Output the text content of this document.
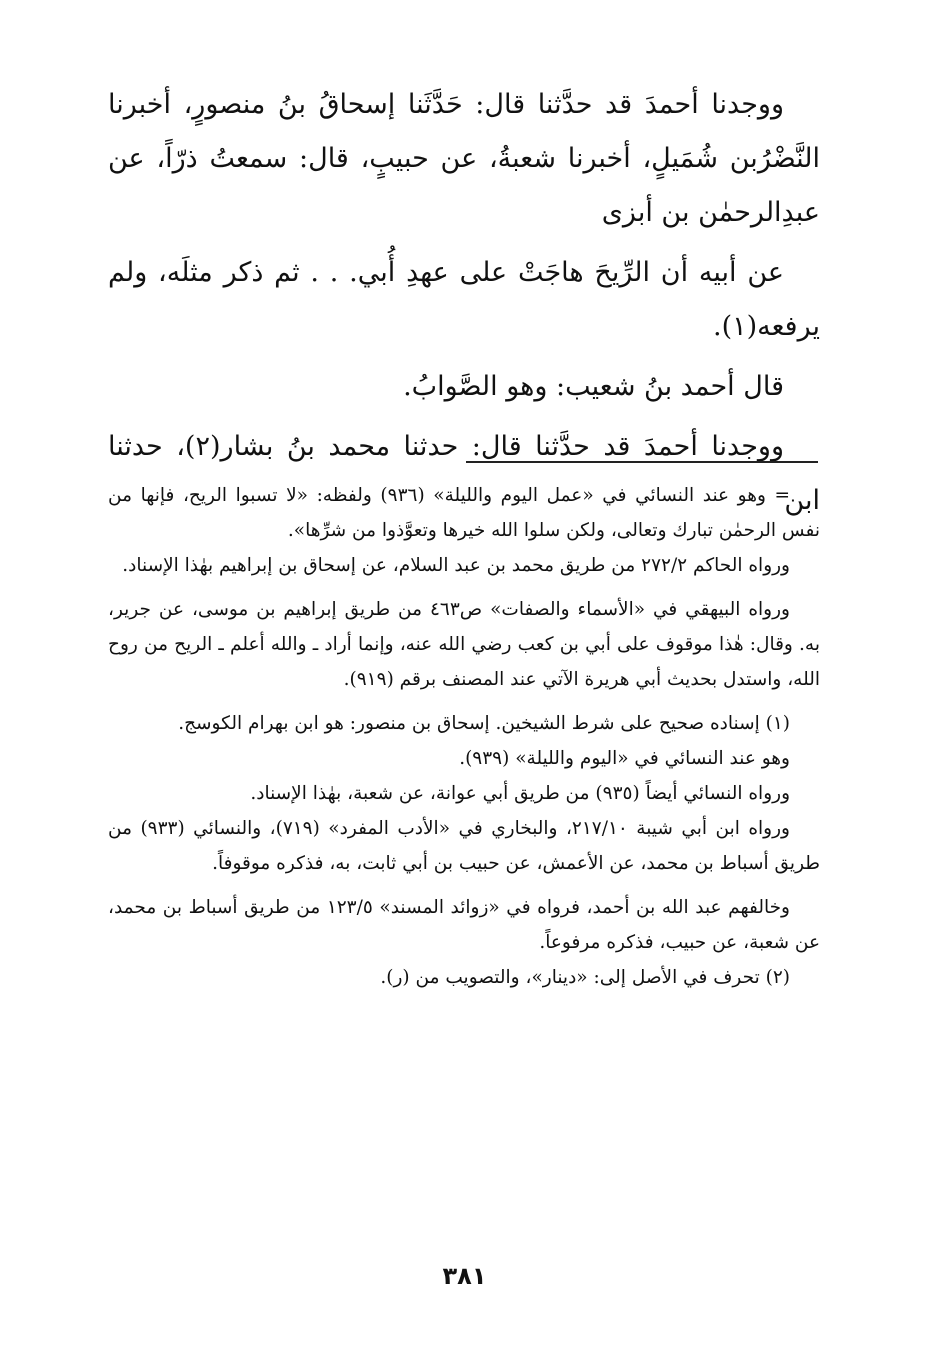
ووجدنا أحمدَ قد حدَّثنا قال: حَدَّثَنا إسحاقُ بنُ منصورٍ، أخبرنا النَّضْرُبن شُمَيلٍ، أخبرنا شعبةُ، عن حبيبٍ، قال: سمعتُ ذرّاً، عن عبدِالرحمٰن بن أبزى

عن أبيه أن الرِّيحَ هاجَتْ على عهدِ أُبي. . . ثم ذكر مثلَه، ولم يرفعه(١).

قال أحمد بنُ شعيب: وهو الصَّوابُ.

ووجدنا أحمدَ قد حدَّثنا قال: حدثنا محمد بنُ بشار(٢)، حدثنا ابن

= وهو عند النسائي في «عمل اليوم والليلة» (٩٣٦) ولفظه: «لا تسبوا الريح، فإنها من نفس الرحمٰن تبارك وتعالى، ولكن سلوا الله خيرها وتعوَّذوا من شرِّها».

ورواه الحاكم ٢٧٢/٢ من طريق محمد بن عبد السلام، عن إسحاق بن إبراهيم بهٰذا الإسناد.

ورواه البيهقي في «الأسماء والصفات» ص٤٦٣ من طريق إبراهيم بن موسى، عن جرير، به. وقال: هٰذا موقوف على أبي بن كعب رضي الله عنه، وإنما أراد ـ والله أعلم ـ الريح من روح الله، واستدل بحديث أبي هريرة الآتي عند المصنف برقم (٩١٩).

(١) إسناده صحيح على شرط الشيخين. إسحاق بن منصور: هو ابن بهرام الكوسج.

وهو عند النسائي في «اليوم والليلة» (٩٣٩).

ورواه النسائي أيضاً (٩٣٥) من طريق أبي عوانة، عن شعبة، بهٰذا الإسناد.

ورواه ابن أبي شيبة ٢١٧/١٠، والبخاري في «الأدب المفرد» (٧١٩)، والنسائي (٩٣٣) من طريق أسباط بن محمد، عن الأعمش، عن حبيب بن أبي ثابت، به، فذكره موقوفاً.

وخالفهم عبد الله بن أحمد، فرواه في «زوائد المسند» ١٢٣/٥ من طريق أسباط بن محمد، عن شعبة، عن حبيب، فذكره مرفوعاً.

(٢) تحرف في الأصل إلى: «دينار»، والتصويب من (ر).

٣٨١
